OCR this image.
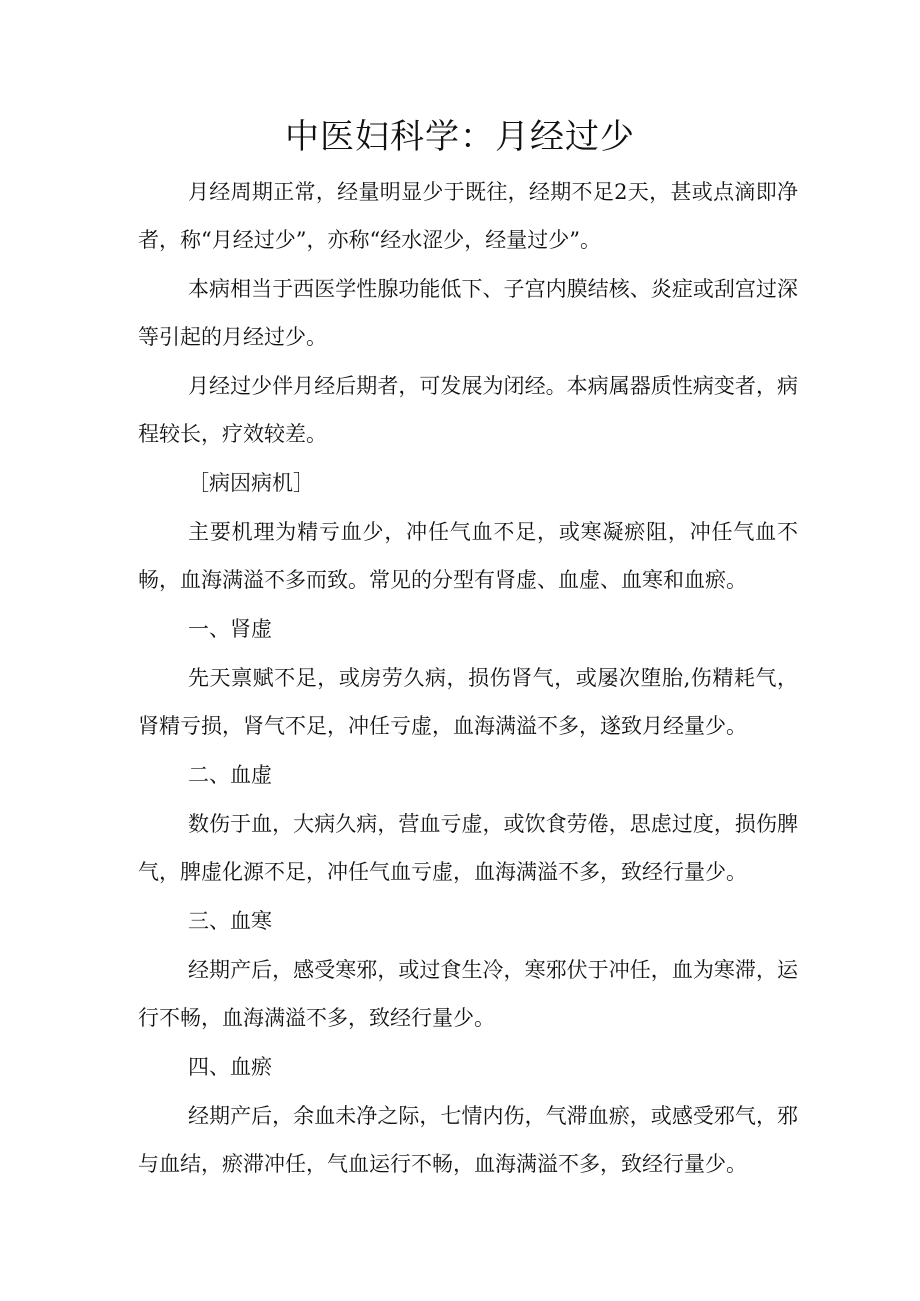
中医妇科学：月经过少

月经周期正常，经量明显少于既往，经期不足2天，甚或点滴即净者，称“月经过少”，亦称“经水涩少，经量过少”。

本病相当于西医学性腺功能低下、子宫内膜结核、炎症或刮宫过深等引起的月经过少。

月经过少伴月经后期者，可发展为闭经。本病属器质性病变者，病程较长，疗效较差。

［病因病机］

主要机理为精亏血少，冲任气血不足，或寒凝瘀阻，冲任气血不畅，血海满溢不多而致。常见的分型有肾虚、血虚、血寒和血瘀。

一、肾虚

先天禀赋不足，或房劳久病，损伤肾气，或屡次堕胎,伤精耗气，肾精亏损，肾气不足，冲任亏虚，血海满溢不多，遂致月经量少。

二、血虚

数伤于血，大病久病，营血亏虚，或饮食劳倦，思虑过度，损伤脾气，脾虚化源不足，冲任气血亏虚，血海满溢不多，致经行量少。

三、血寒

经期产后，感受寒邪，或过食生冷，寒邪伏于冲任，血为寒滞，运行不畅，血海满溢不多，致经行量少。

四、血瘀

经期产后，余血未净之际，七情内伤，气滞血瘀，或感受邪气，邪与血结，瘀滞冲任，气血运行不畅，血海满溢不多，致经行量少。
